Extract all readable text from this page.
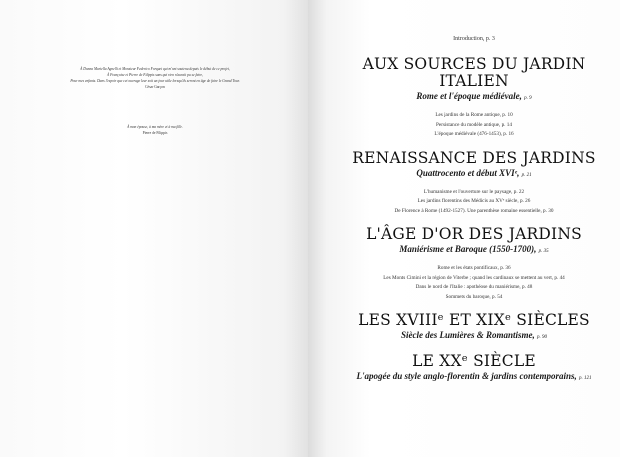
À Donna Mariella Agnelli et Monsieur Federico Forquet qui m'ont soutenu depuis le début de ce projet,

À Françoise et Pierre de Filippis sans qui rien n'aurait pu se faire,

Pour mes enfants. Dans l'espoir que cet ouvrage leur soit un jour utile lorsqu'ils seront en âge de faire le Grand Tour.

César Garçon

À mon épouse, à ma mère et à ma fille.

Pierre de Filippis

Introduction, p. 3

AUX SOURCES DU JARDIN ITALIEN

Rome et l'époque médiévale, p. 9

Les jardins de la Rome antique, p. 10

Persistance du modèle antique, p. 14

L'époque médiévale (476-1453), p. 16

RENAISSANCE DES JARDINS

Quattrocento et début XVIᵉ, p. 21

L'humanisme et l'ouverture sur le paysage, p. 22

Les jardins florentins des Médicis au XVᵉ siècle, p. 26

De Florence à Rome (1492-1527). Une parenthèse romaine essentielle, p. 30

L'ÂGE D'OR DES JARDINS

Maniérisme et Baroque (1550-1700), p. 35

Rome et les états pontificaux, p. 36

Les Monts Cimini et la région de Viterbe ; quand les cardinaux se mettent au vert, p. 44

Dans le nord de l'Italie : apothéose du maniérisme, p. 48

Sommets du baroque, p. 54

LES XVIIIᵉ ET XIXᵉ SIÈCLES

Siècle des Lumières & Romantisme, p. 90

LE XXᵉ SIÈCLE

L'apogée du style anglo-florentin & jardins contemporains, p. 121
